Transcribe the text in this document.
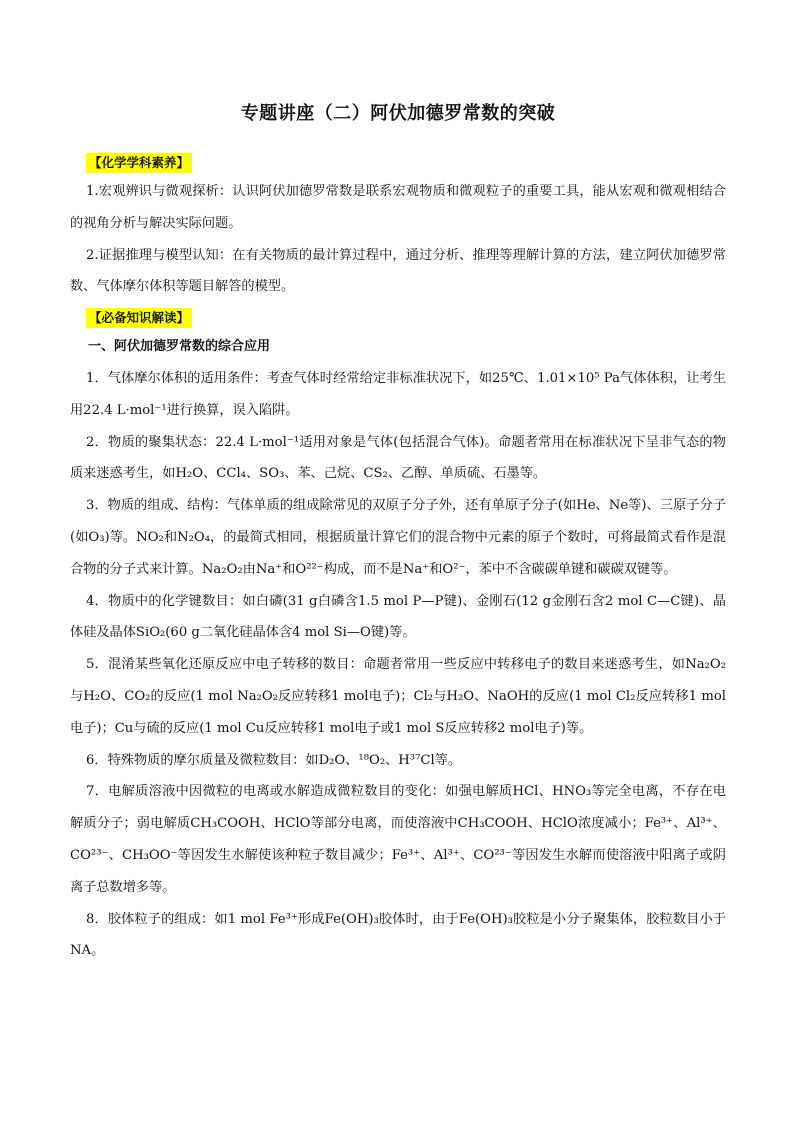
专题讲座（二）阿伏加德罗常数的突破
【化学学科素养】

1.宏观辨识与微观探析：认识阿伏加德罗常数是联系宏观物质和微观粒子的重要工具，能从宏观和微观相结合的视角分析与解决实际问题。

2.证据推理与模型认知：在有关物质的最计算过程中，通过分析、推理等理解计算的方法，建立阿伏加德罗常数、气体摩尔体积等题目解答的模型。

【必备知识解读】

一、阿伏加德罗常数的综合应用

1．气体摩尔体积的适用条件：考查气体时经常给定非标准状况下，如25℃、1.01×10⁵ Pa气体体积，让考生用22.4 L·mol⁻¹进行换算，误入陷阱。

2．物质的聚集状态：22.4 L·mol⁻¹适用对象是气体(包括混合气体)。命题者常用在标准状况下呈非气态的物质来迷惑考生，如H₂O、CCl₄、SO₃、苯、己烷、CS₂、乙醇、单质硫、石墨等。

3．物质的组成、结构：气体单质的组成除常见的双原子分子外，还有单原子分子(如He、Ne等)、三原子分子(如O₃)等。NO₂和N₂O₄，的最简式相同，根据质量计算它们的混合物中元素的原子个数时，可将最简式看作是混合物的分子式来计算。Na₂O₂由Na⁺和O²²⁻构成，而不是Na⁺和O²⁻，苯中不含碳碳单键和碳碳双键等。

4．物质中的化学键数目：如白磷(31 g白磷含1.5 mol P—P键)、金刚石(12 g金刚石含2 mol C—C键)、晶体硅及晶体SiO₂(60 g二氧化硅晶体含4 mol Si—O键)等。

5．混淆某些氧化还原反应中电子转移的数目：命题者常用一些反应中转移电子的数目来迷惑考生，如Na₂O₂与H₂O、CO₂的反应(1 mol Na₂O₂反应转移1 mol电子)；Cl₂与H₂O、NaOH的反应(1 mol Cl₂反应转移1 mol电子)；Cu与硫的反应(1 mol Cu反应转移1 mol电子或1 mol S反应转移2 mol电子)等。

6．特殊物质的摩尔质量及微粒数目：如D₂O、¹⁸O₂、H³⁷Cl等。

7．电解质溶液中因微粒的电离或水解造成微粒数目的变化：如强电解质HCl、HNO₃等完全电离，不存在电解质分子；弱电解质CH₃COOH、HClO等部分电离，而使溶液中CH₃COOH、HClO浓度减小；Fe³⁺、Al³⁺、CO²³⁻、CH₃OO⁻等因发生水解使该种粒子数目减少；Fe³⁺、Al³⁺、CO²³⁻等因发生水解而使溶液中阳离子或阴离子总数增多等。

8．胶体粒子的组成：如1 mol Fe³⁺形成Fe(OH)₃胶体时，由于Fe(OH)₃胶粒是小分子聚集体，胶粒数目小于NA。
